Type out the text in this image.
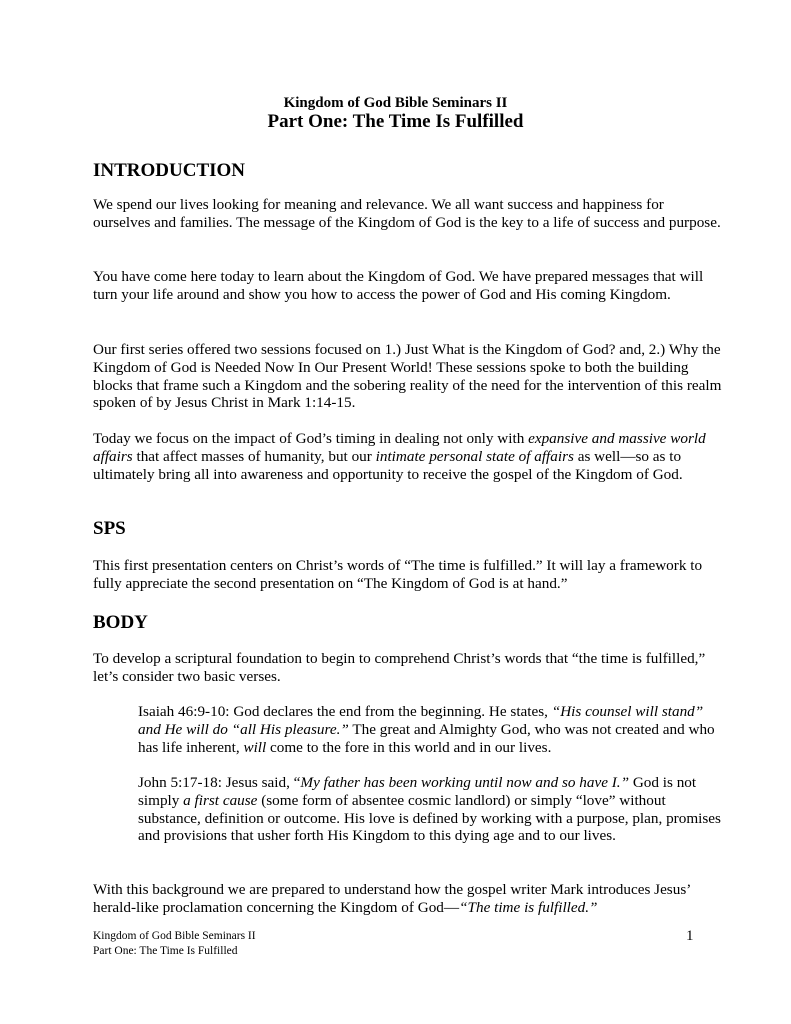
Kingdom of God Bible Seminars II
Part One: The Time Is Fulfilled
INTRODUCTION
We spend our lives looking for meaning and relevance. We all want success and happiness for ourselves and families. The message of the Kingdom of God is the key to a life of success and purpose.
You have come here today to learn about the Kingdom of God. We have prepared messages that will turn your life around and show you how to access the power of God and His coming Kingdom.
Our first series offered two sessions focused on 1.) Just What is the Kingdom of God? and, 2.) Why the Kingdom of God is Needed Now In Our Present World! These sessions spoke to both the building blocks that frame such a Kingdom and the sobering reality of the need for the intervention of this realm spoken of by Jesus Christ in Mark 1:14-15.
Today we focus on the impact of God’s timing in dealing not only with expansive and massive world affairs that affect masses of humanity, but our intimate personal state of affairs as well—so as to ultimately bring all into awareness and opportunity to receive the gospel of the Kingdom of God.
SPS
This first presentation centers on Christ’s words of “The time is fulfilled.” It will lay a framework to fully appreciate the second presentation on “The Kingdom of God is at hand.”
BODY
To develop a scriptural foundation to begin to comprehend Christ’s words that “the time is fulfilled,” let’s consider two basic verses.
Isaiah 46:9-10: God declares the end from the beginning. He states, “His counsel will stand” and He will do “all His pleasure.” The great and Almighty God, who was not created and who has life inherent, will come to the fore in this world and in our lives.
John 5:17-18: Jesus said, “My father has been working until now and so have I.” God is not simply a first cause (some form of absentee cosmic landlord) or simply “love” without substance, definition or outcome. His love is defined by working with a purpose, plan, promises and provisions that usher forth His Kingdom to this dying age and to our lives.
With this background we are prepared to understand how the gospel writer Mark introduces Jesus’ herald-like proclamation concerning the Kingdom of God—“The time is fulfilled.”
Kingdom of God Bible Seminars II
Part One: The Time Is Fulfilled
1
